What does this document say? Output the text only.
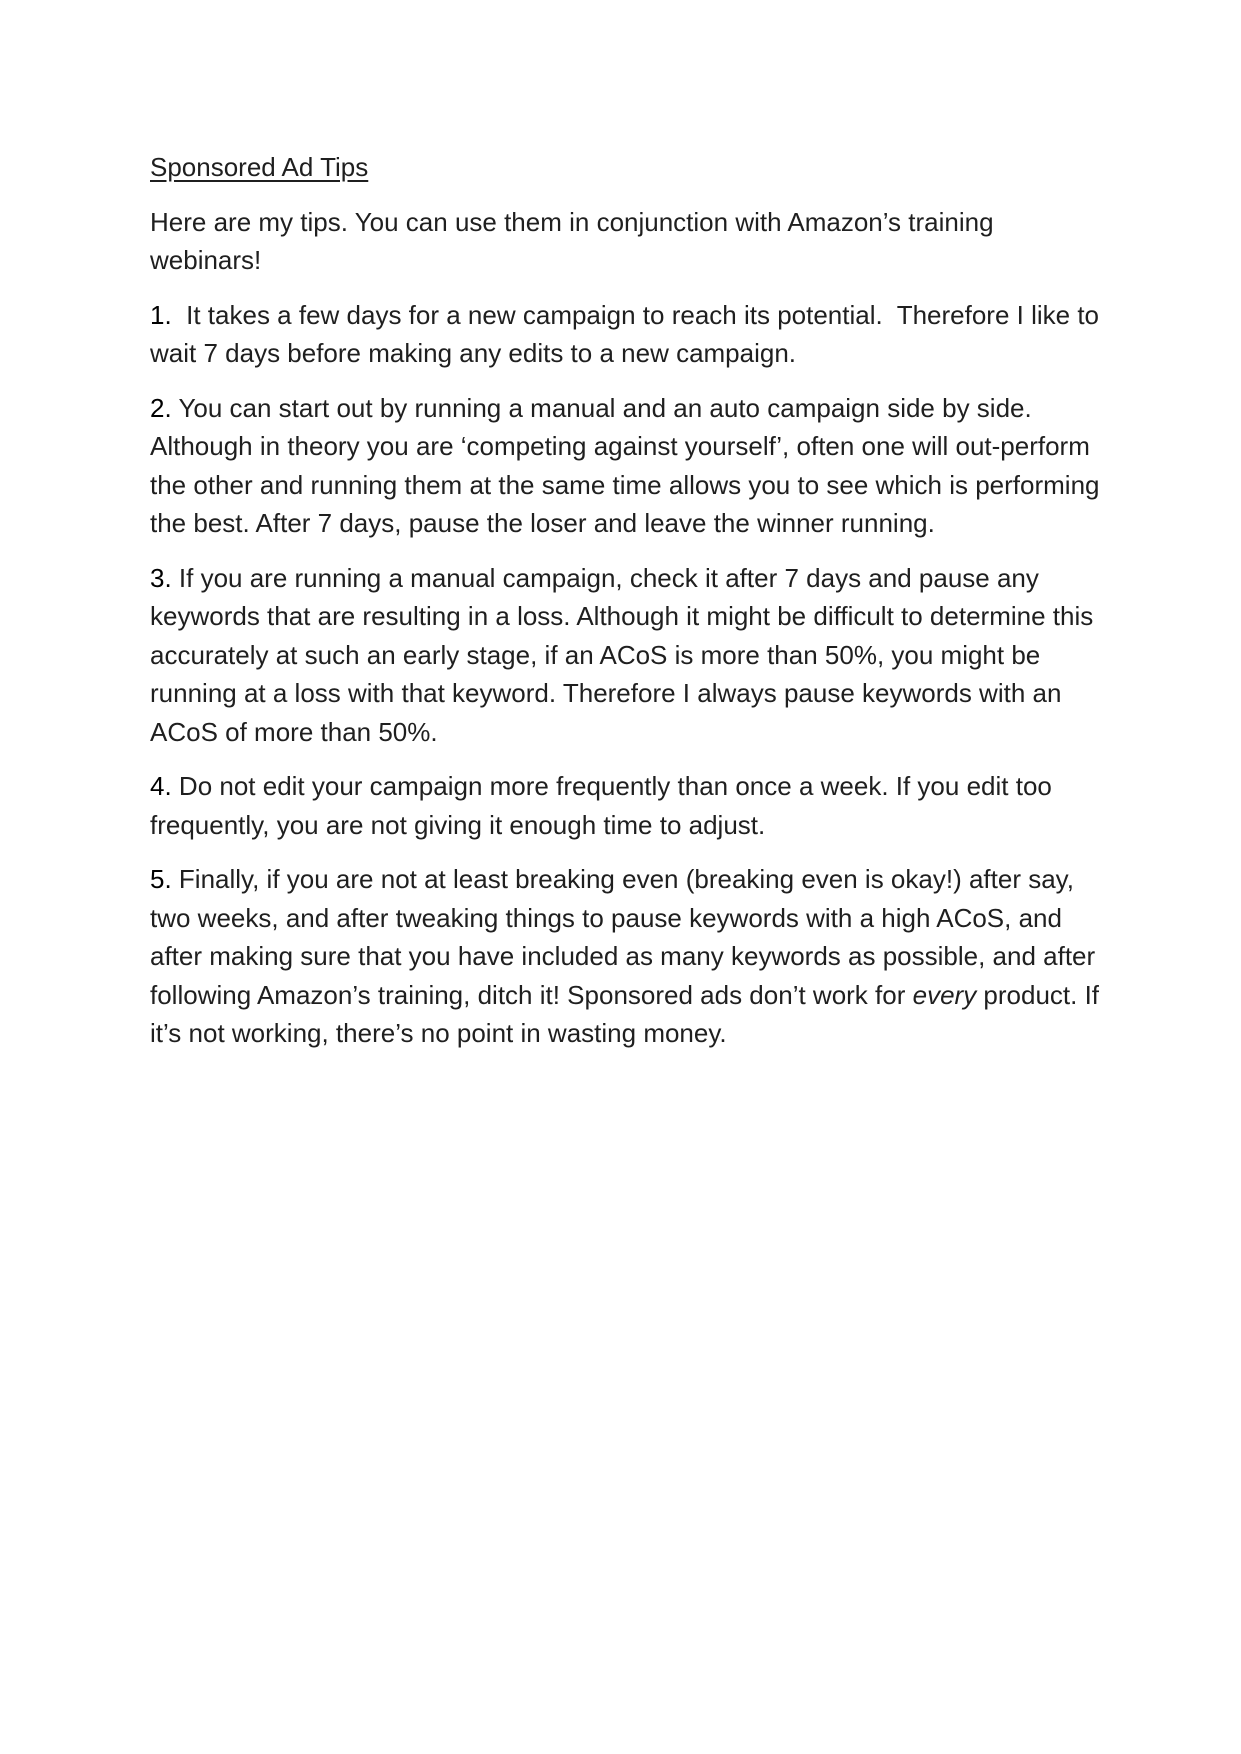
Sponsored Ad Tips

Here are my tips. You can use them in conjunction with Amazon’s training webinars!

1.  It takes a few days for a new campaign to reach its potential.  Therefore I like to wait 7 days before making any edits to a new campaign.

2. You can start out by running a manual and an auto campaign side by side. Although in theory you are ‘competing against yourself’, often one will out-perform the other and running them at the same time allows you to see which is performing the best. After 7 days, pause the loser and leave the winner running.

3. If you are running a manual campaign, check it after 7 days and pause any keywords that are resulting in a loss. Although it might be difficult to determine this accurately at such an early stage, if an ACoS is more than 50%, you might be running at a loss with that keyword. Therefore I always pause keywords with an ACoS of more than 50%.

4. Do not edit your campaign more frequently than once a week. If you edit too frequently, you are not giving it enough time to adjust.

5. Finally, if you are not at least breaking even (breaking even is okay!) after say, two weeks, and after tweaking things to pause keywords with a high ACoS, and after making sure that you have included as many keywords as possible, and after following Amazon’s training, ditch it! Sponsored ads don’t work for every product. If it’s not working, there’s no point in wasting money.
